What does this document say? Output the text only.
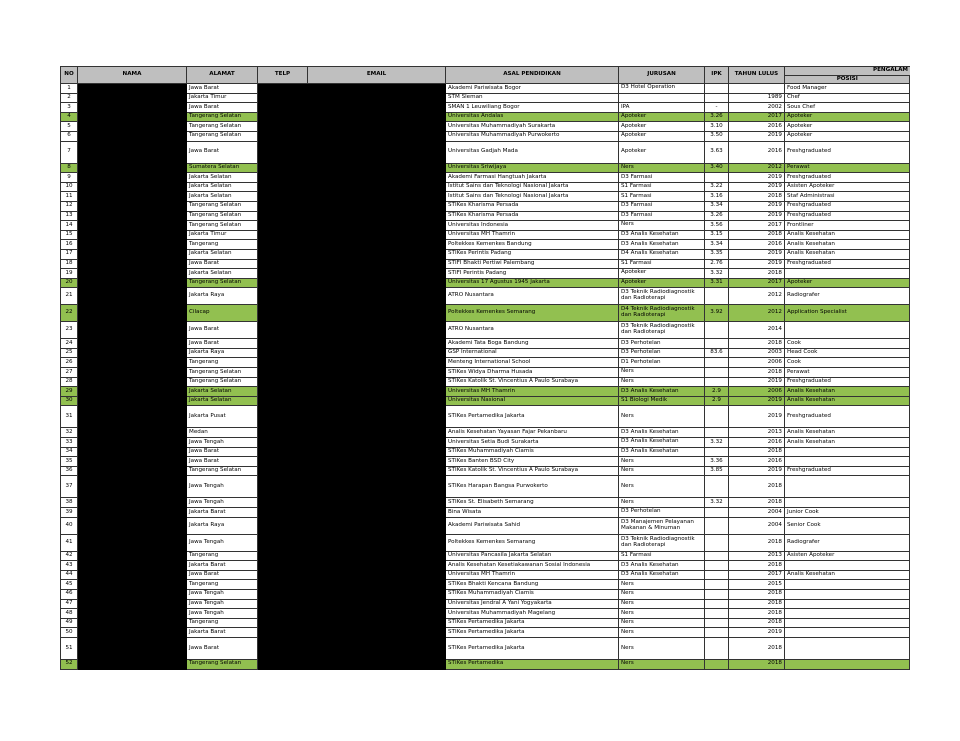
NO	NAMA	ALAMAT	TELP	EMAIL	ASAL PENDIDIKAN	JURUSAN	IPK	TAHUN LULUS	PENGALAM
									POSISI
1		Jawa Barat			Akademi Pariwisata Bogor	D3 Hotel Operation			Food Manager
2		Jakarta Timur			STM Sleman			1989	Chef
3		Jawa Barat			SMAN 1 Leuwiliang Bogor	IPA	-	2002	Sous Chef
4		Tangerang Selatan			Universitas Andalas	Apoteker	3.26	2017	Apoteker
5		Tangerang Selatan			Universitas Muhammadiyah Surakarta	Apoteker	3.10	2016	Apoteker
6		Tangerang Selatan			Universitas Muhammadiyah Purwokerto	Apoteker	3.50	2019	Apoteker
7		Jawa Barat			Universitas Gadjah Mada	Apoteker	3.63	2016	Freshgraduated
8		Sumatera Selatan			Universitas Sriwijaya	Ners	3.40	2012	Perawat
9		Jakarta Selatan			Akademi Farmasi Hangtuah Jakarta	D3 Farmasi		2019	Freshgraduated
10		Jakarta Selatan			Istitut Sains dan Teknologi Nasional Jakarta	S1 Farmasi	3.22	2019	Asisten Apoteker
11		Jakarta Selatan			Istitut Sains dan Teknologi Nasional Jakarta	S1 Farmasi	3.16	2018	Staf Administrasi
12		Tangerang Selatan			STIKes Kharisma Persada	D3 Farmasi	3.34	2019	Freshgraduated
13		Tangerang Selatan			STIKes Kharisma Persada	D3 Farmasi	3.26	2019	Freshgraduated
14		Tangerang Selatan			Universitas Indonesia	Ners	3.56	2017	Frontliner
15		Jakarta Timur			Universitas MH Thamrin	D3 Analis Kesehatan	3.15	2018	Analis Kesehatan
16		Tangerang			Poltekkes Kemenkes Bandung	D3 Analis Kesehatan	3.34	2016	Analis Kesehatan
17		Jakarta Selatan			STIKes Perintis Padang	D4 Analis Kesehatan	3.35	2019	Analis Kesehatan
18		Jawa Barat			STIFI Bhakti Pertiwi Palembang	S1 Farmasi	2.76	2019	Freshgraduated
19		Jakarta Selatan			STIFI Perintis Padang	Apoteker	3.32	2018	
20		Tangerang Selatan			Universitas 17 Agustus 1945 Jakarta	Apoteker	3.31	2017	Apoteker
21		Jakarta Raya			ATRO Nusantara	D3 Teknik Radiodiagnostik dan Radioterapi		2012	Radiografer
22		Cilacap			Poltekkes Kemenkes Semarang	D4 Teknik Radiodiagnostik dan Radioterapi	3.92	2012	Application Specialist
23		Jawa Barat			ATRO Nusantara	D3 Teknik Radiodiagnostik dan Radioterapi		2014	
24		Jawa Barat			Akademi Tata Boga Bandung	D3 Perhotelan		2018	Cook
25		Jakarta Raya			GSP International	D3 Perhotelan	83.6	2003	Head Cook
26		Tangerang			Menteng International School	D1 Perhotelan		2006	Cook
27		Tangerang Selatan			STIKes Widya Dharma Husada	Ners		2018	Perawat
28		Tangerang Selatan			STIKes Katolik St. Vincentius A Paulo Surabaya	Ners		2019	Freshgraduated
29		Jakarta Selatan			Universitas MH Thamrin	D3 Analis Kesehatan	2.9	2006	Analis Kesehatan
30		Jakarta Selatan			Universitas Nasional	S1 Biologi Medik	2.9	2019	Analis Kesehatan
31		Jakarta Pusat			STIKes Pertamedika Jakarta	Ners		2019	Freshgraduated
32		Medan			Analis Kesehatan Yayasan Fajar Pekanbaru	D3 Analis Kesehatan		2013	Analis Kesehatan
33		Jawa Tengah			Universitas Setia Budi Surakarta	D3 Analis Kesehatan	3.32	2016	Analis Kesehatan
34		Jawa Barat			STIKes Muhammadiyah Ciamis	D3 Analis Kesehatan		2018	
35		Jawa Barat			STIKes Banten BSD City	Ners	3.36	2016	
36		Tangerang Selatan			STIKes Katolik St. Vincentius A Paulo Surabaya	Ners	3.85	2019	Freshgraduated
37		Jawa Tengah			STIKes Harapan Bangsa Purwokerto	Ners		2018	
38		Jawa Tengah			STIKes St. Elisabeth Semarang	Ners	3.32	2018	
39		Jakarta Barat			Bina Wisata	D3 Perhotelan		2004	Junior Cook
40		Jakarta Raya			Akademi Pariwisata Sahid	D3 Manajemen Pelayanan Makanan & Minuman		2004	Senior Cook
41		Jawa Tengah			Poltekkes Kemenkes Semarang	D3 Teknik Radiodiagnostik dan Radioterapi		2018	Radiografer
42		Tangerang			Universitas Pancasila Jakarta Selatan	S1 Farmasi		2013	Asisten Apoteker
43		Jakarta Barat			Analis Kesehatan Kesetiakawanan Sosial Indonesia	D3 Analis Kesehatan		2018	
44		Jawa Barat			Universitas MH Thamrin	D3 Analis Kesehatan		2017	Analis Kesehatan
45		Tangerang			STIKes Bhakti Kencana Bandung	Ners		2015	
46		Jawa Tengah			STIKes Muhammadiyah Ciamis	Ners		2018	
47		Jawa Tengah			Universitas Jendral A Yani Yogyakarta	Ners		2018	
48		Jawa Tengah			Universitas Muhammadiyah Magelang	Ners		2018	
49		Tangerang			STIKes Pertamedika Jakarta	Ners		2018	
50		Jakarta Barat			STIKes Pertamedika Jakarta	Ners		2019	
51		Jawa Barat			STIKes Pertamedika Jakarta	Ners		2018	
52		Tangerang Selatan			STIKes Pertamedika	Ners		2018	
